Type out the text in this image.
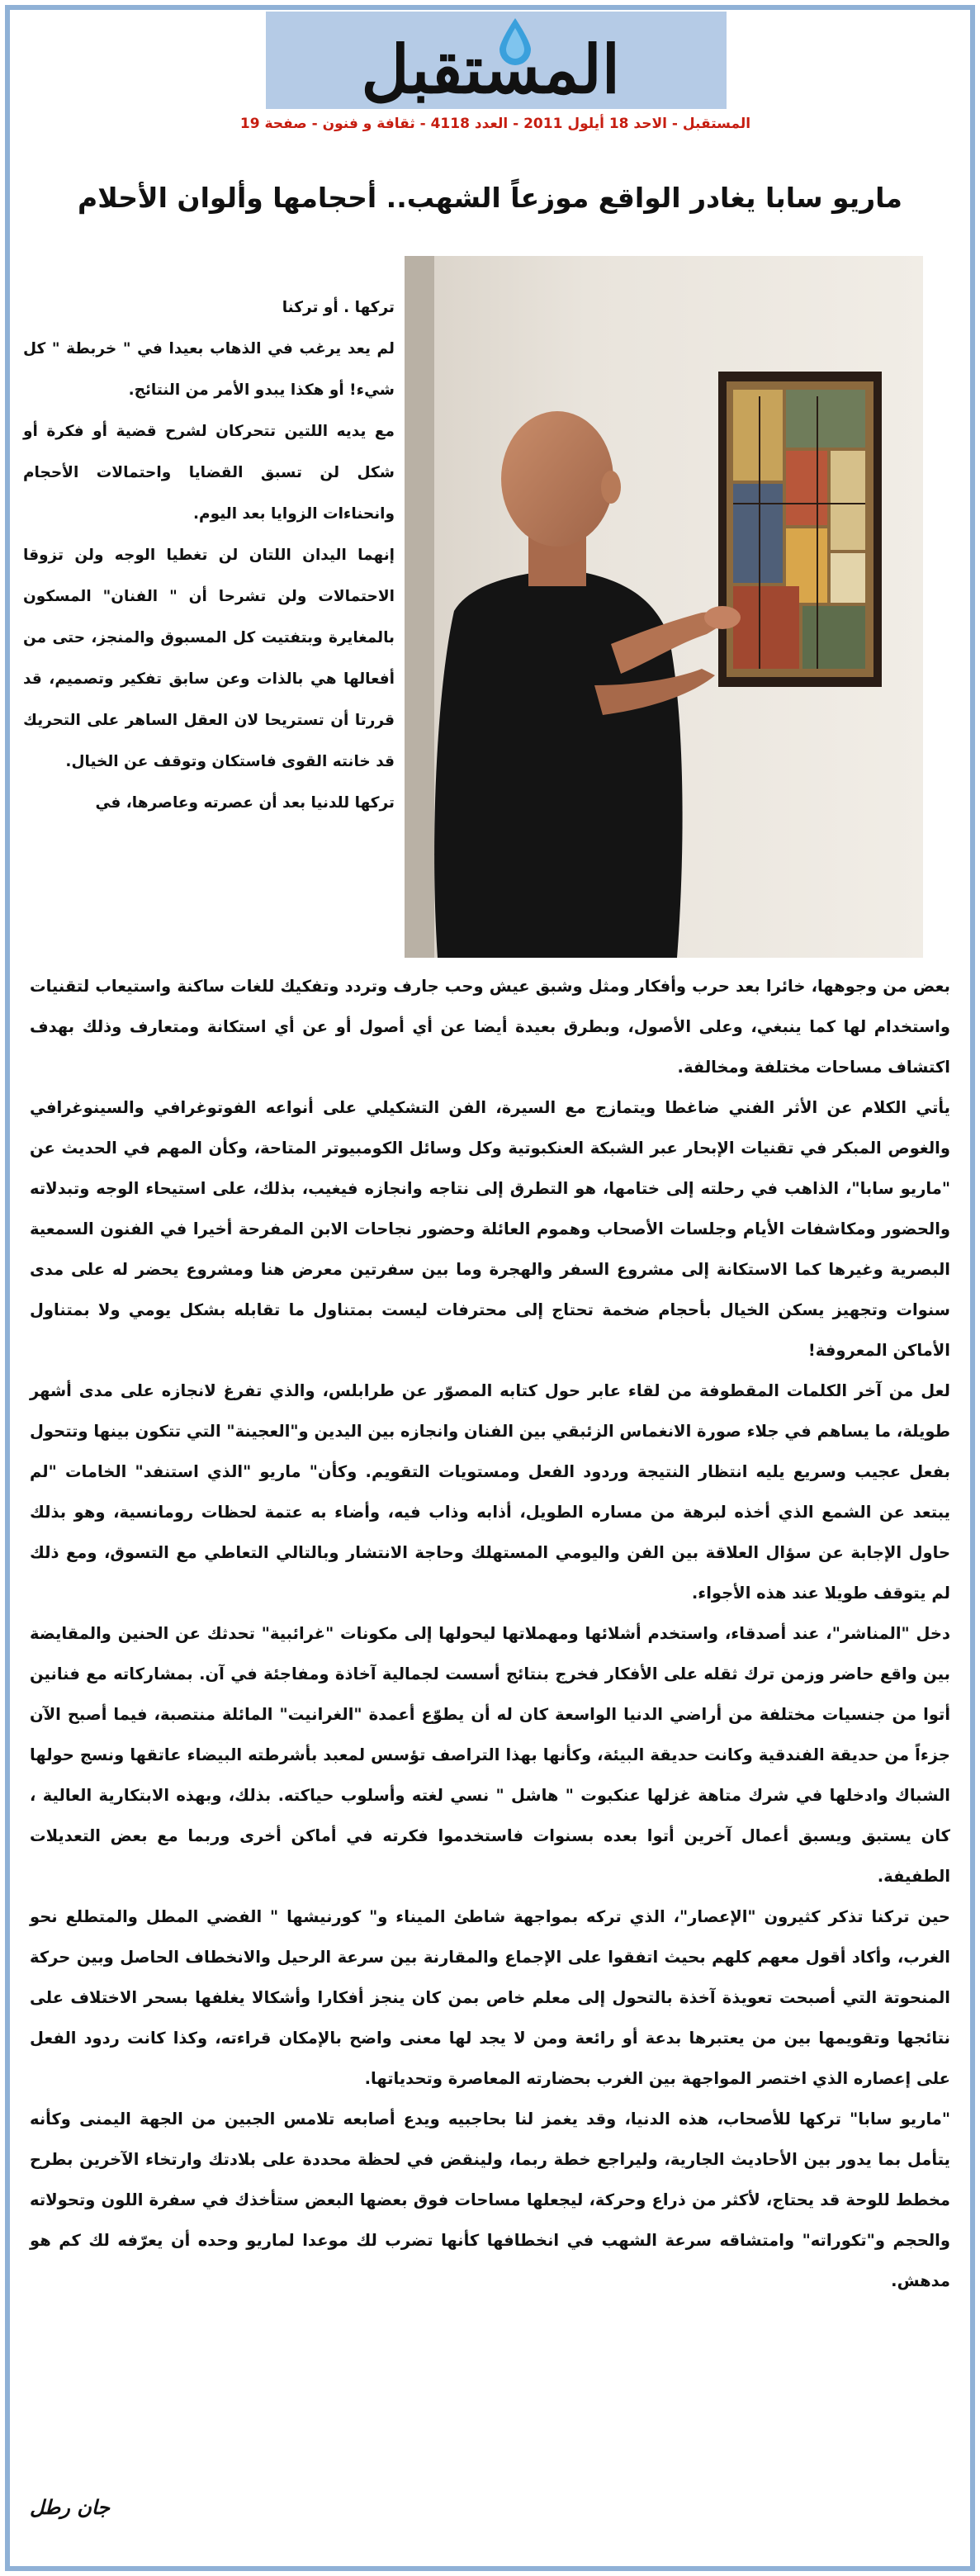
المستقبل
المستقبل - الاحد 18 أيلول 2011 - العدد 4118 - ثقافة و فنون - صفحة 19
ماريو سابا يغادر الواقع موزعاً الشهب.. أحجامها وألوان الأحلام

تركها . أو تركنا

لم يعد يرغب في الذهاب بعيدا في " خربطة " كل شيء! أو هكذا يبدو الأمر من النتائج.

مع يديه اللتين تتحركان لشرح قضية أو فكرة أو شكل لن تسبق القضايا واحتمالات الأحجام وانحناءات الزوايا بعد اليوم.

إنهما اليدان اللتان لن تغطيا الوجه ولن تزوقا الاحتمالات ولن تشرحا أن " الفنان" المسكون بالمغايرة وبتفتيت كل المسبوق والمنجز، حتى من أفعالها هي بالذات وعن سابق تفكير وتصميم، قد قررتا أن تستريحا لان العقل الساهر على التحريك قد خانته القوى فاستكان وتوقف عن الخيال.

تركها للدنيا بعد أن عصرته وعاصرها، في

بعض من وجوهها، خائرا بعد حرب وأفكار ومثل وشبق عيش وحب جارف وتردد وتفكيك للغات ساكنة واستيعاب لتقنيات واستخدام لها كما ينبغي، وعلى الأصول، وبطرق بعيدة أيضا عن أي أصول أو عن أي استكانة ومتعارف وذلك بهدف اكتشاف مساحات مختلفة ومخالفة.

يأتي الكلام عن الأثر الفني ضاغطا ويتمازج مع السيرة، الفن التشكيلي على أنواعه الفوتوغرافي والسينوغرافي والغوص المبكر في تقنيات الإبحار عبر الشبكة العنكبوتية وكل وسائل الكومبيوتر المتاحة، وكأن المهم في الحديث عن "ماريو سابا"، الذاهب في رحلته إلى ختامها، هو التطرق إلى نتاجه وانجازه فيغيب، بذلك، على استيحاء الوجه وتبدلاته والحضور ومكاشفات الأيام وجلسات الأصحاب وهموم العائلة وحضور نجاحات الابن المفرحة أخيرا في الفنون السمعية البصرية وغيرها كما الاستكانة إلى مشروع السفر والهجرة وما بين سفرتين معرض هنا ومشروع يحضر له على مدى سنوات وتجهيز يسكن الخيال بأحجام ضخمة تحتاج إلى محترفات ليست بمتناول ما تقابله بشكل يومي ولا بمتناول الأماكن المعروفة!

لعل من آخر الكلمات المقطوفة من لقاء عابر حول كتابه المصوّر عن طرابلس، والذي تفرغ لانجازه على مدى أشهر طويلة، ما يساهم في جلاء صورة الانغماس الزئبقي بين الفنان وانجازه بين اليدين و"العجينة" التي تتكون بينها وتتحول بفعل عجيب وسريع يليه انتظار النتيجة وردود الفعل ومستويات التقويم. وكأن" ماريو "الذي استنفد" الخامات "لم يبتعد عن الشمع الذي أخذه لبرهة من مساره الطويل، أذابه وذاب فيه، وأضاء به عتمة لحظات رومانسية، وهو بذلك حاول الإجابة عن سؤال العلاقة بين الفن واليومي المستهلك وحاجة الانتشار وبالتالي التعاطي مع التسوق، ومع ذلك لم يتوقف طويلا عند هذه الأجواء.

دخل "المناشر"، عند أصدقاء، واستخدم أشلائها ومهملاتها ليحولها إلى مكونات "غرائبية" تحدثك عن الحنين والمقايضة بين واقع حاضر وزمن ترك ثقله على الأفكار فخرج بنتائج أسست لجمالية آخاذة ومفاجئة في آن. بمشاركاته مع فنانين أتوا من جنسيات مختلفة من أراضي الدنيا الواسعة كان له أن يطوّع أعمدة "الغرانيت" المائلة منتصبة، فيما أصبح الآن جزءاً من حديقة الفندقية وكانت حديقة البيئة، وكأنها بهذا التراصف تؤسس لمعبد بأشرطته البيضاء عاتقها ونسج حولها الشباك وادخلها في شرك متاهة غزلها عنكبوت " هاشل " نسي لغته وأسلوب حياكته. بذلك، وبهذه الابتكارية العالية ، كان يستبق ويسبق أعمال آخرين أتوا بعده بسنوات فاستخدموا فكرته في أماكن أخرى وربما مع بعض التعديلات الطفيفة.

حين تركنا تذكر كثيرون "الإعصار"، الذي تركه بمواجهة شاطئ الميناء و" كورنيشها " الفضي المطل والمتطلع نحو الغرب، وأكاد أقول معهم كلهم بحيث اتفقوا على الإجماع والمقارنة بين سرعة الرحيل والانخطاف الحاصل وبين حركة المنحوتة التي أصبحت تعويذة آخذة بالتحول إلى معلم خاص بمن كان ينجز أفكارا وأشكالا يغلفها بسحر الاختلاف على نتائجها وتقويمها بين من يعتبرها بدعة أو رائعة ومن لا يجد لها معنى واضح بالإمكان قراءته، وكذا كانت ردود الفعل على إعصاره الذي اختصر المواجهة بين الغرب بحضارته المعاصرة وتحدياتها.

"ماريو سابا" تركها للأصحاب، هذه الدنيا، وقد يغمز لنا بحاجبيه ويدع أصابعه تلامس الجبين من الجهة اليمنى وكأنه يتأمل بما يدور بين الأحاديث الجارية، وليراجع خطة ربما، ولينقض في لحظة محددة على بلادتك وارتخاء الآخرين بطرح مخطط للوحة قد يحتاج، لأكثر من ذراع وحركة، ليجعلها مساحات فوق بعضها البعض ستأخذك في سفرة اللون وتحولاته والحجم و"تكوراته" وامتشاقه سرعة الشهب في انخطافها كأنها تضرب لك موعدا لماريو وحده أن يعرّفه لك كم هو مدهش.

جان رطل
